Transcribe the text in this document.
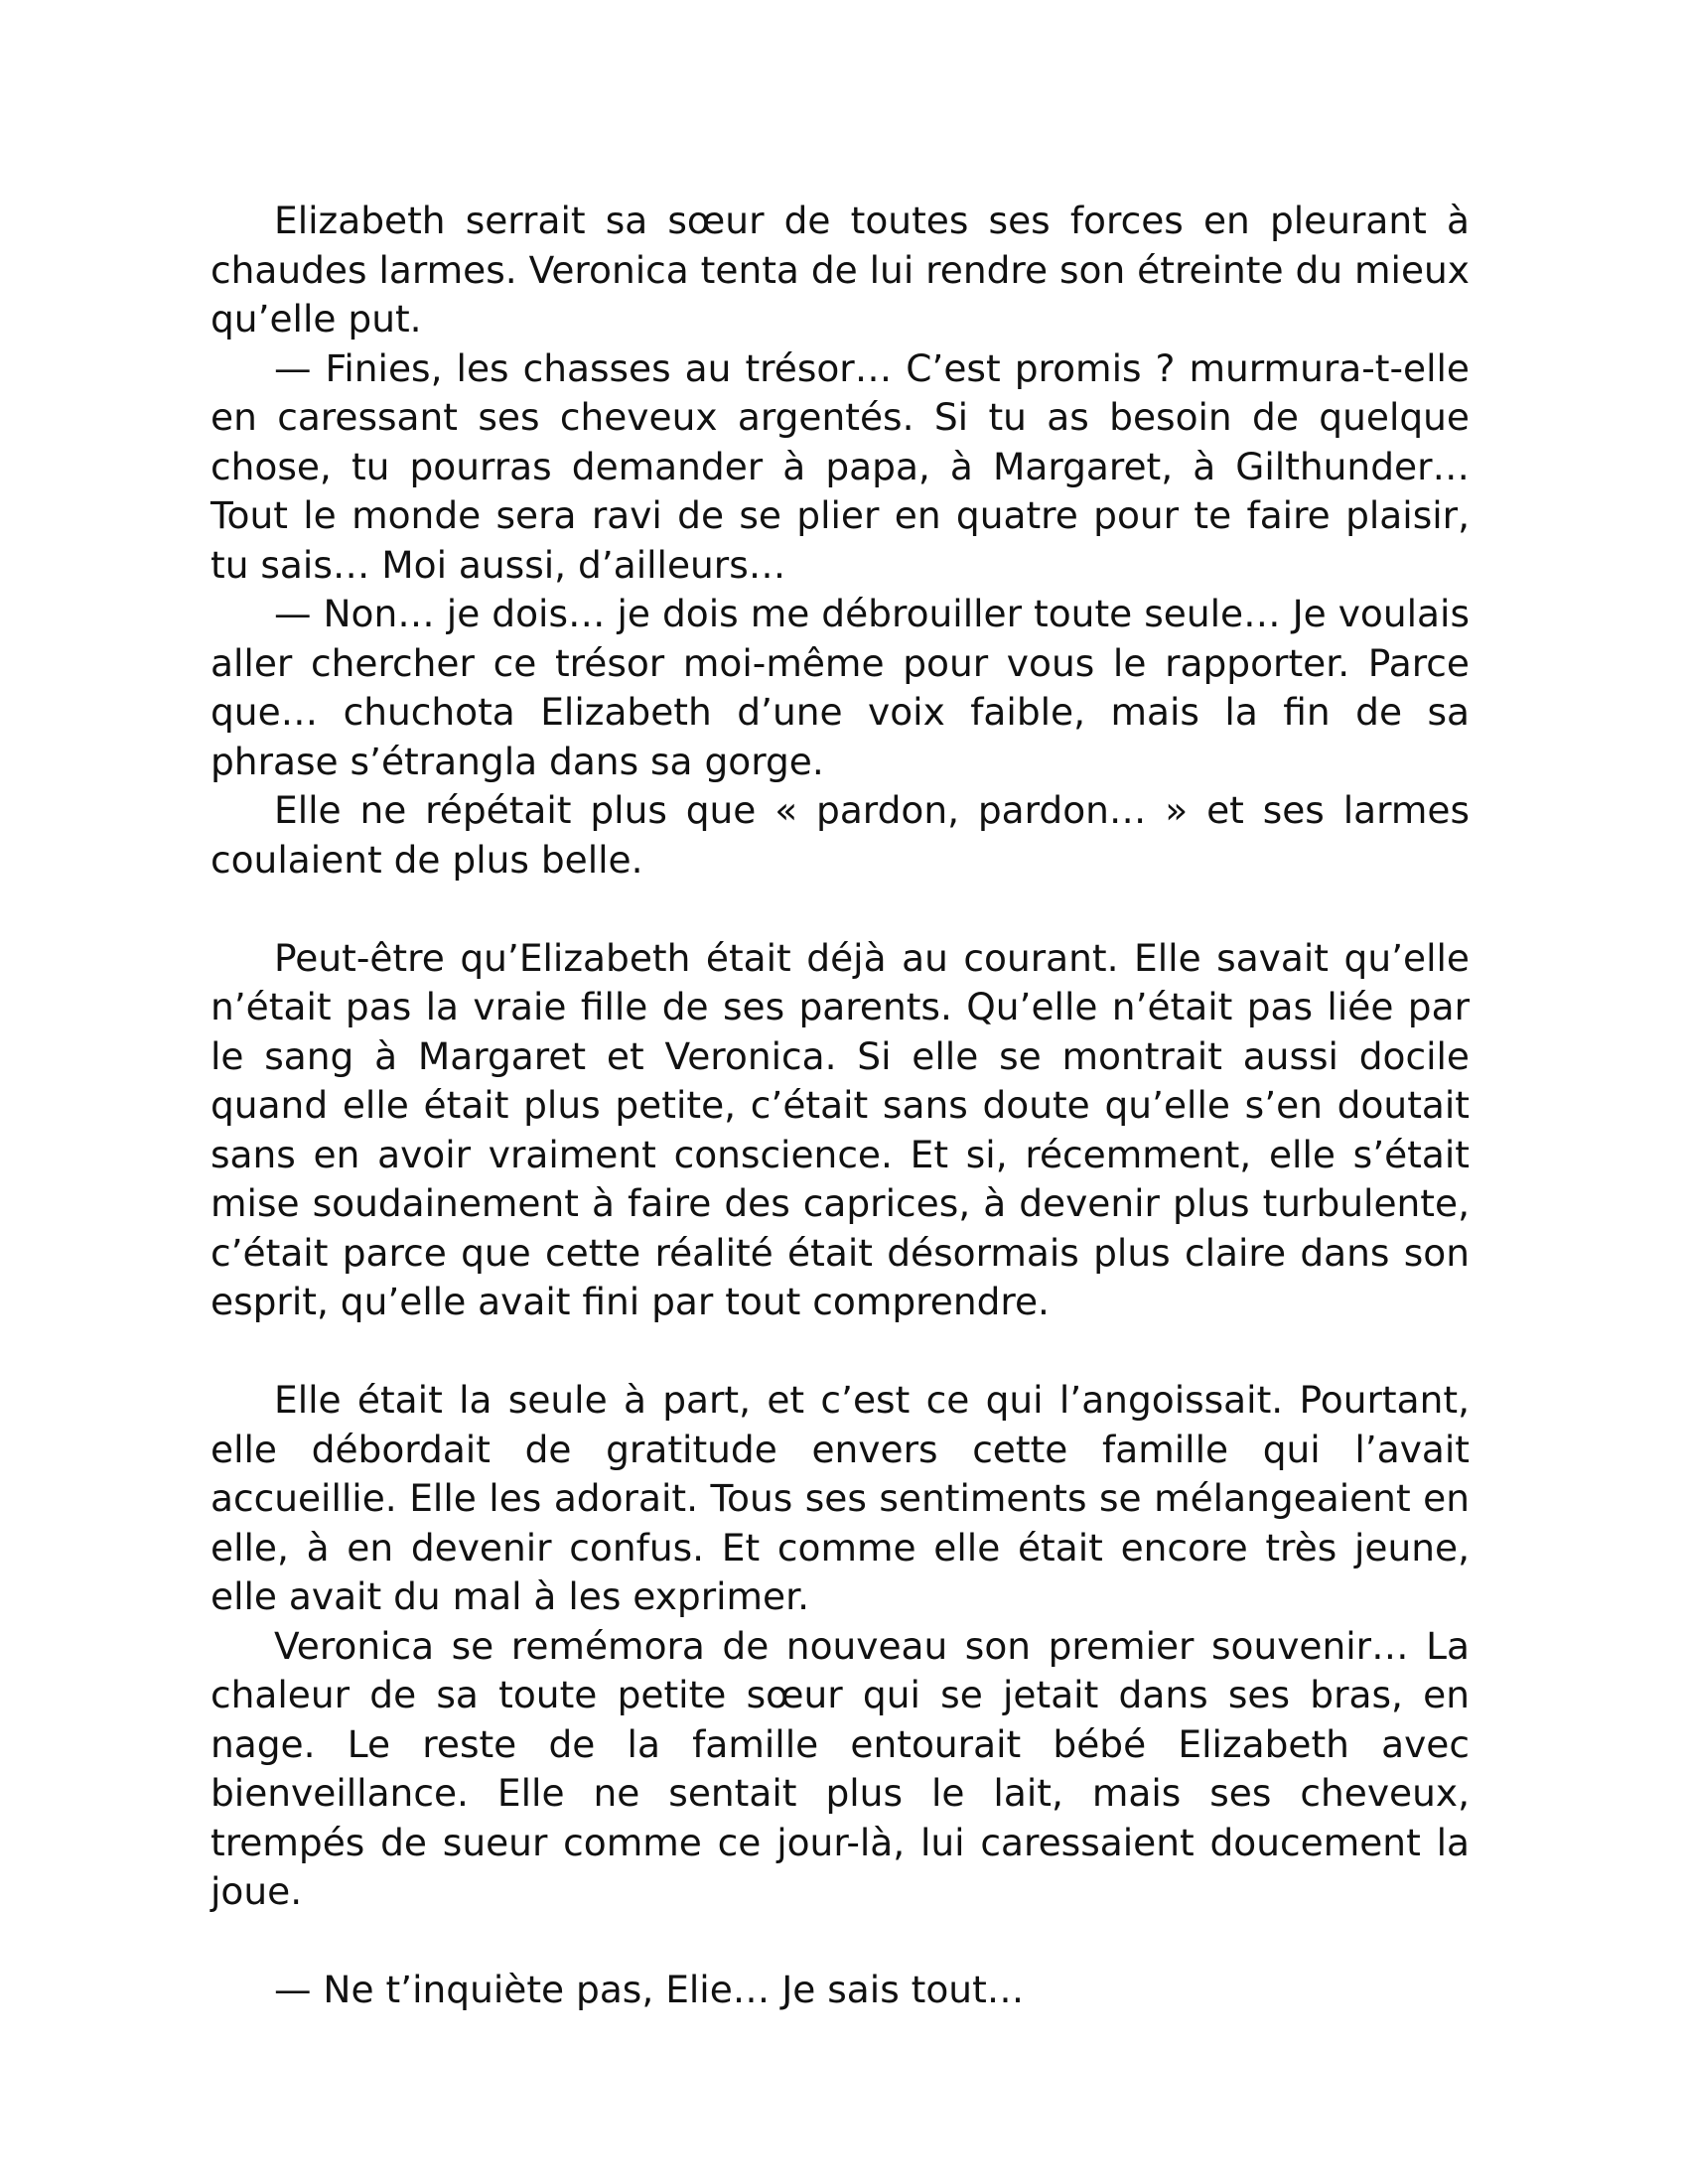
Elizabeth serrait sa sœur de toutes ses forces en pleurant à chaudes larmes. Veronica tenta de lui rendre son étreinte du mieux qu’elle put.

— Finies, les chasses au trésor… C’est promis ? murmura-t-elle en caressant ses cheveux argentés. Si tu as besoin de quelque chose, tu pourras demander à papa, à Margaret, à Gilthunder… Tout le monde sera ravi de se plier en quatre pour te faire plaisir, tu sais… Moi aussi, d’ailleurs…

— Non… je dois… je dois me débrouiller toute seule… Je voulais aller chercher ce trésor moi-même pour vous le rapporter. Parce que… chuchota Elizabeth d’une voix faible, mais la fin de sa phrase s’étrangla dans sa gorge.

Elle ne répétait plus que « pardon, pardon… » et ses larmes coulaient de plus belle.

Peut-être qu’Elizabeth était déjà au courant. Elle savait qu’elle n’était pas la vraie fille de ses parents. Qu’elle n’était pas liée par le sang à Margaret et Veronica. Si elle se montrait aussi docile quand elle était plus petite, c’était sans doute qu’elle s’en doutait sans en avoir vraiment conscience. Et si, récemment, elle s’était mise soudainement à faire des caprices, à devenir plus turbulente, c’était parce que cette réalité était désormais plus claire dans son esprit, qu’elle avait fini par tout comprendre.

Elle était la seule à part, et c’est ce qui l’angoissait. Pourtant, elle débordait de gratitude envers cette famille qui l’avait accueillie. Elle les adorait. Tous ses sentiments se mélangeaient en elle, à en devenir confus. Et comme elle était encore très jeune, elle avait du mal à les exprimer.

Veronica se remémora de nouveau son premier souvenir… La chaleur de sa toute petite sœur qui se jetait dans ses bras, en nage. Le reste de la famille entourait bébé Elizabeth avec bienveillance. Elle ne sentait plus le lait, mais ses cheveux, trempés de sueur comme ce jour-là, lui caressaient doucement la joue.

— Ne t’inquiète pas, Elie… Je sais tout…
